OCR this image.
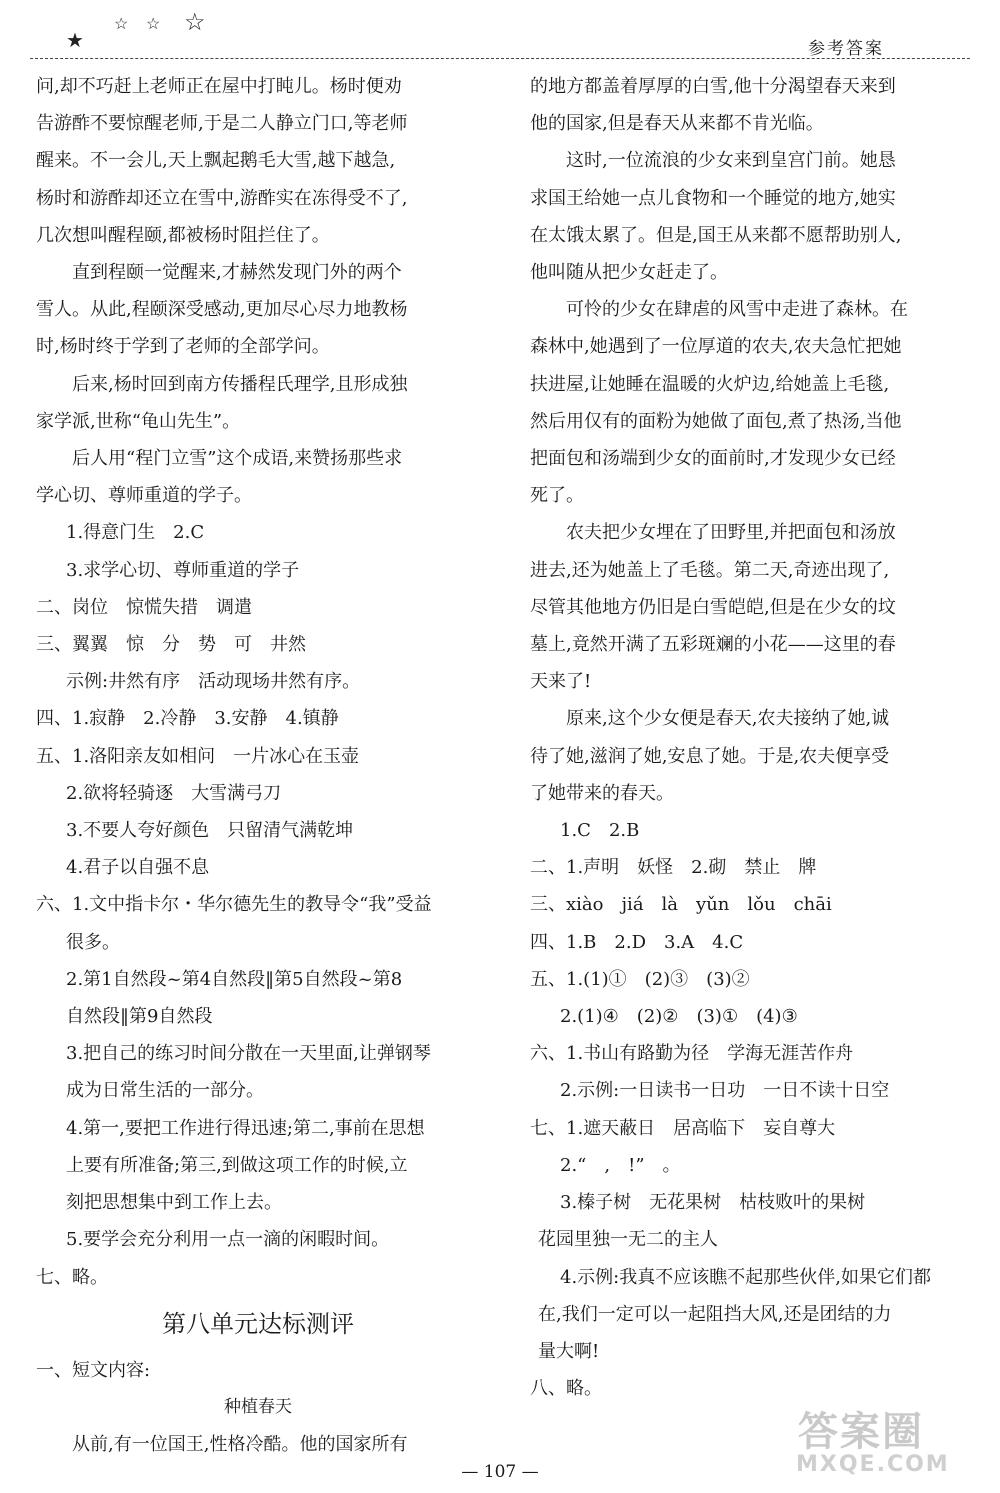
★
☆ ☆ ☆
参考答案
问,却不巧赶上老师正在屋中打盹儿。杨时便劝
告游酢不要惊醒老师,于是二人静立门口,等老师
醒来。不一会儿,天上飘起鹅毛大雪,越下越急,
杨时和游酢却还立在雪中,游酢实在冻得受不了,
几次想叫醒程颐,都被杨时阻拦住了。
直到程颐一觉醒来,才赫然发现门外的两个
雪人。从此,程颐深受感动,更加尽心尽力地教杨
时,杨时终于学到了老师的全部学问。
后来,杨时回到南方传播程氏理学,且形成独
家学派,世称“龟山先生”。
后人用“程门立雪”这个成语,来赞扬那些求
学心切、尊师重道的学子。
1.得意门生　2.C
3.求学心切、尊师重道的学子
二、岗位　惊慌失措　调遣
三、翼翼　惊　分　势　可　井然
示例:井然有序　活动现场井然有序。
四、1.寂静　2.冷静　3.安静　4.镇静
五、1.洛阳亲友如相问　一片冰心在玉壶
2.欲将轻骑逐　大雪满弓刀
3.不要人夸好颜色　只留清气满乾坤
4.君子以自强不息
六、1.文中指卡尔・华尔德先生的教导令“我”受益
很多。
2.第1自然段~第4自然段‖第5自然段~第8
自然段‖第9自然段
3.把自己的练习时间分散在一天里面,让弹钢琴
成为日常生活的一部分。
4.第一,要把工作进行得迅速;第二,事前在思想
上要有所准备;第三,到做这项工作的时候,立
刻把思想集中到工作上去。
5.要学会充分利用一点一滴的闲暇时间。
七、略。
第八单元达标测评
一、短文内容:
种植春天
从前,有一位国王,性格冷酷。他的国家所有
的地方都盖着厚厚的白雪,他十分渴望春天来到
他的国家,但是春天从来都不肯光临。
这时,一位流浪的少女来到皇宫门前。她恳
求国王给她一点儿食物和一个睡觉的地方,她实
在太饿太累了。但是,国王从来都不愿帮助别人,
他叫随从把少女赶走了。
可怜的少女在肆虐的风雪中走进了森林。在
森林中,她遇到了一位厚道的农夫,农夫急忙把她
扶进屋,让她睡在温暖的火炉边,给她盖上毛毯,
然后用仅有的面粉为她做了面包,煮了热汤,当他
把面包和汤端到少女的面前时,才发现少女已经
死了。
农夫把少女埋在了田野里,并把面包和汤放
进去,还为她盖上了毛毯。第二天,奇迹出现了,
尽管其他地方仍旧是白雪皑皑,但是在少女的坟
墓上,竟然开满了五彩斑斓的小花——这里的春
天来了!
原来,这个少女便是春天,农夫接纳了她,诚
待了她,滋润了她,安息了她。于是,农夫便享受
了她带来的春天。
1.C　2.B
二、1.声明　妖怪　2.砌　禁止　牌
三、xiào　jiá　là　yǔn　lǒu　chāi
四、1.B　2.D　3.A　4.C
五、1.(1)①　(2)③　(3)②
2.(1)④　(2)②　(3)①　(4)③
六、1.书山有路勤为径　学海无涯苦作舟
2.示例:一日读书一日功　一日不读十日空
七、1.遮天蔽日　居高临下　妄自尊大
2.“　,　!”　。
3.榛子树　无花果树　枯枝败叶的果树
花园里独一无二的主人
4.示例:我真不应该瞧不起那些伙伴,如果它们都
在,我们一定可以一起阻挡大风,还是团结的力
量大啊!
八、略。
— 107 —
答案圈
MXQE.COM
